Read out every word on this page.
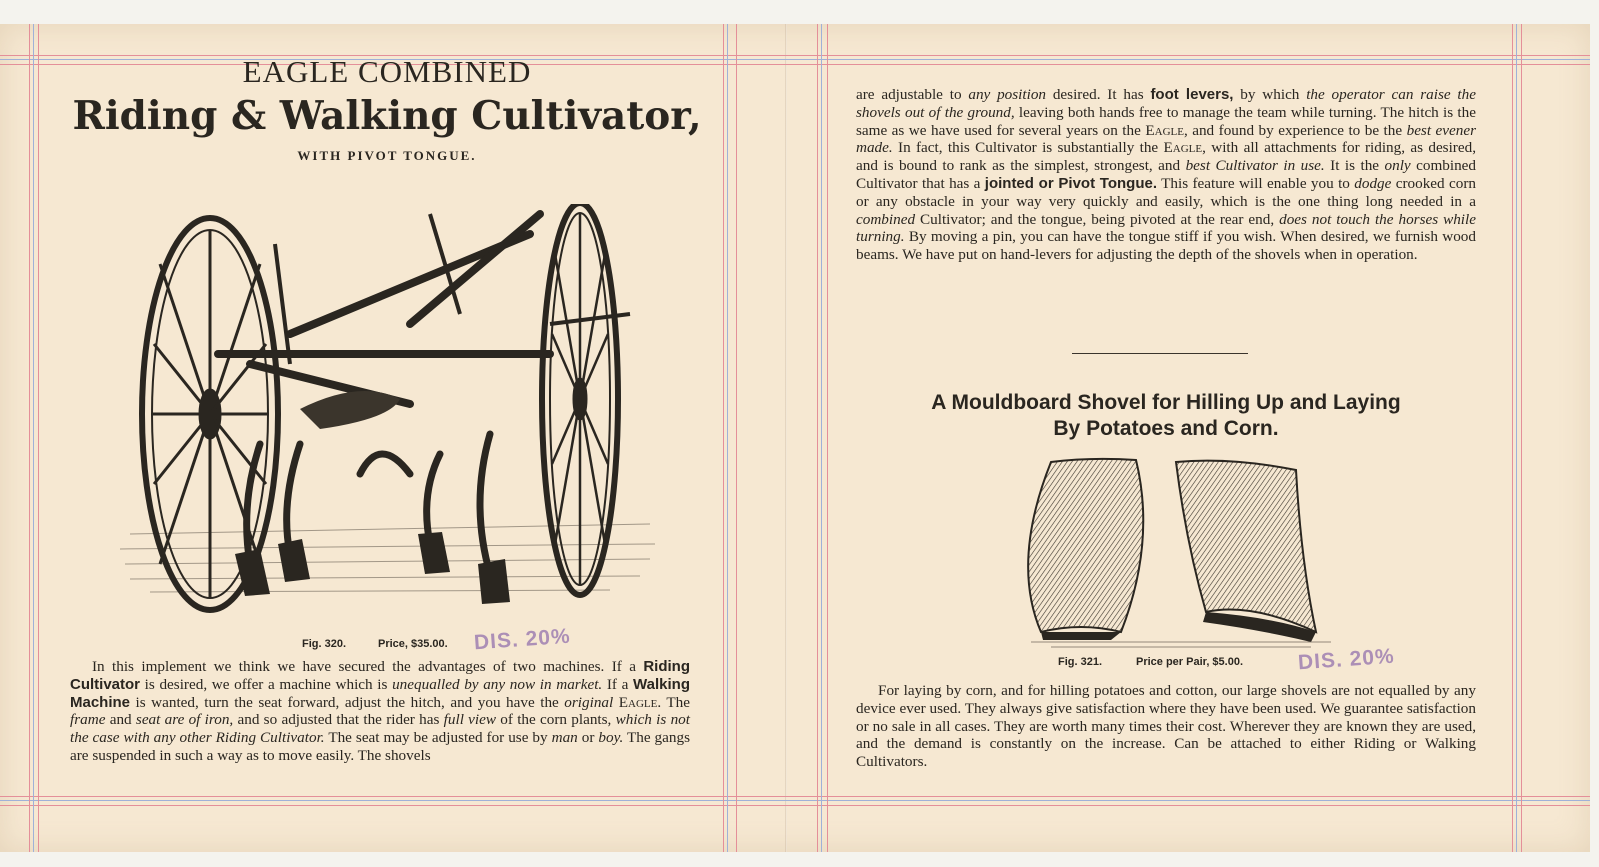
EAGLE COMBINED
Riding & Walking Cultivator,
WITH PIVOT TONGUE.
Fig. 320.	Price, $35.00. DIS. 20%

In this implement we think we have secured the advantages of two machines. If a Riding Cultivator is desired, we offer a machine which is unequalled by any now in market. If a Walking Machine is wanted, turn the seat forward, adjust the hitch, and you have the original Eagle. The frame and seat are of iron, and so adjusted that the rider has full view of the corn plants, which is not the case with any other Riding Cultivator. The seat may be adjusted for use by man or boy. The gangs are suspended in such a way as to move easily. The shovels

are adjustable to any position desired. It has foot levers, by which the operator can raise the shovels out of the ground, leaving both hands free to manage the team while turning. The hitch is the same as we have used for several years on the Eagle, and found by experience to be the best evener made. In fact, this Cultivator is substantially the Eagle, with all attachments for riding, as desired, and is bound to rank as the simplest, strongest, and best Cultivator in use. It is the only combined Cultivator that has a jointed or Pivot Tongue. This feature will enable you to dodge crooked corn or any obstacle in your way very quickly and easily, which is the one thing long needed in a combined Cultivator; and the tongue, being pivoted at the rear end, does not touch the horses while turning. By moving a pin, you can have the tongue stiff if you wish. When desired, we furnish wood beams. We have put on hand-levers for adjusting the depth of the shovels when in operation.

A Mouldboard Shovel for Hilling Up and Laying
By Potatoes and Corn.
Fig. 321.	Price per Pair, $5.00.	DIS. 20%

For laying by corn, and for hilling potatoes and cotton, our large shovels are not equalled by any device ever used. They always give satisfaction where they have been used. We guarantee satisfaction or no sale in all cases. They are worth many times their cost. Wherever they are known they are used, and the demand is constantly on the increase. Can be attached to either Riding or Walking Cultivators.
